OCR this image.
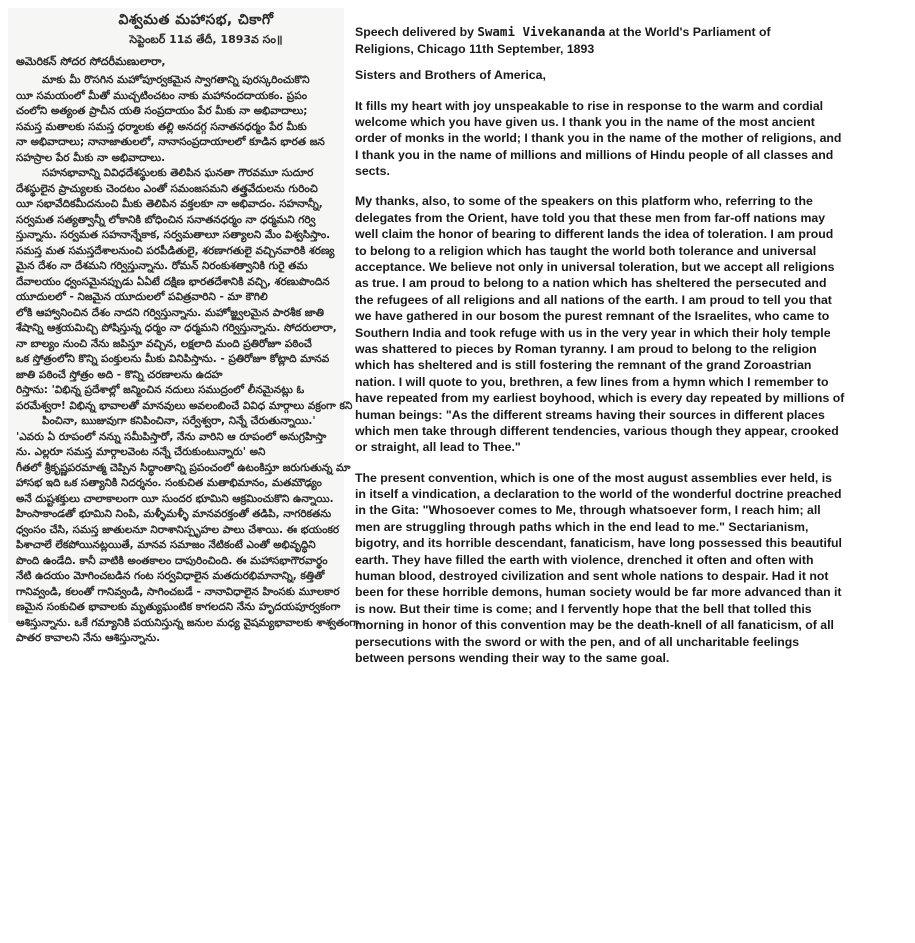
విశ్వమత మహాసభ, చికాగో
సెప్టెంబర్ 11వ తేదీ, 1893వ సం॥
అమెరికన్ సోదర సోదరీమణులారా,
మాకు మీ రొసగిన మహోపూర్వకమైన స్వాగతాన్ని పురస్కరించుకొని
యీ సమయంలో మీతో ముచ్చటించటం నాకు మహానందదాయకం. ప్రపం
చంలోని అత్యంత ప్రాచీన యతి సంప్రదాయం పేర మీకు నా అభివాదాలు;
సమస్త మతాలకు సమస్త ధర్మాలకు తల్లి అనదగ్గ సనాతనధర్మం పేర మీకు
నా అభివాదాలు; నానాజాతులలో, నానాసంప్రదాయాలలో కూడిన భారత జన
సహస్రాల పేర మీకు నా అభివాదాలు.
సహనభావాన్ని వివిధదేశస్థులకు తెలిపిన ఘనతా గౌరవమూ సుదూర
దేశస్థులైన ప్రాచ్యులకు చెందటం ఎంతో సమంజసమని తత్త్రవేదులను గురించి
యీ సభావేదికమీదనుంచి మీకు తెలిపిన వక్తలకూ నా అభివాదం. సహనాన్నీ,
సర్వమత సత్యత్వాన్నీ లోకానికి బోధించిన సనాతనధర్మం నా ధర్మమని గర్వి
స్తున్నాను. సర్వమత సహనాన్నేకాక, సర్వమతాలూ సత్యాలని మేం విశ్వసిస్తాం.
సమస్త మత సమస్తదేశాలనుంచి పరపీడితులై, శరణాగతులై వచ్చినవారికి శరణ్య
మైన దేశం నా దేశమని గర్విస్తున్నాను. రోమన్ నిరంకుశత్వానికి గురై తమ
దేవాలయం ధ్వంసమైనప్పుడు ఏఏటే దక్షిణ భారతదేశానికి వచ్చి, శరణుపొందిన
యూదులలో - నిజమైన యూదులలో పవిత్రవారిని - మా కౌగిలి
లోకి ఆహ్వానించిన దేశం నాదని గర్విస్తున్నాను. మహోజ్జ్వలమైన పారశీక జాతి
శేషాన్ని ఆశ్రయమిచ్చి పోషిస్తున్న ధర్మం నా ధర్మమని గర్విస్తున్నాను. సోదరులారా,
నా బాల్యం నుంచి నేను జపిస్తూ వచ్చిన, లక్షలాది మంది ప్రతిరోజూ పఠించే
ఒక స్తోత్రంలోని కొన్ని పంక్తులను మీకు వినిపిస్తాను. - ప్రతిరోజూ కోట్లాది మానవ
జాతి పఠించే స్తోత్రం అది - కొన్ని చరణాలను ఉదహ
రిస్తాను: 'విభిన్న ప్రదేశాల్లో జన్మించిన నదులు సముద్రంలో లీనమైనట్లు ఓ
పరమేశ్వరా! విభిన్న భావాలతో మానవులు అవలంబించే వివిధ మార్గాలు వక్రంగా కని
పించినా, ఋజువుగా కనిపించినా, సర్వేశ్వరా, నిన్నే చేరుతున్నాయి.'
'ఎవరు ఏ రూపంలో నన్ను సమీపిస్తారో, నేను వారిని ఆ రూపంలో అనుగ్రహిస్తా
ను. ఎల్లరూ సమస్త మార్గాలవెంట నన్నే చేరుకుంటున్నారు' అని
గీతలో శ్రీకృష్ణపరమాత్మ చెప్పిన సిద్ధాంతాన్ని ప్రపంచంలో ఉటంకిస్తూ జరుగుతున్న మా
హాసభ ఇది ఒక సత్యానికి నిదర్శనం. సంకుచిత మతాభిమానం, మతమౌఢ్యం
అనే దుష్టశక్తులు చాలాకాలంగా యీ సుందర భూమిని ఆక్రమించుకొని ఉన్నాయి.
హింసాకాండతో భూమిని నింపి, మళ్ళీమళ్ళీ మానవరక్తంతో తడిపి, నాగరికతను
ధ్వంసం చేసి, సమస్త జాతులనూ నిరాశానిస్పృహల పాలు చేశాయి. ఈ భయంకర
పిశాచాలే లేకపోయినట్లయితే, మానవ సమాజం నేటికంటే ఎంతో అభివృద్ధిని
పొంది ఉండేది. కానీ వాటికి అంతకాలం దాపురించింది. ఈ మహాసభాగౌరవార్థం
నేటి ఉదయం మోగించబడిన గంట సర్వవిధాలైన మతదురభిమానాన్ని, కత్తితో
గానివ్వండి, కలంతో గానివ్వండి, సాగించబడే - నానావిధాలైన హింసకు మూలకార
ణమైన సంకుచిత భావాలకు మృత్యుఘంటిక కాగలదని నేను హృదయపూర్వకంగా
ఆశిస్తున్నాను. ఒకే గమ్యానికి పయనిస్తున్న జనుల మధ్య వైషమ్యభావాలకు శాశ్వతంగా
పాతర కావాలని నేను ఆశిస్తున్నాను.
Speech delivered by Swami Vivekananda at the World's Parliament of
Religions, Chicago 11th September, 1893
Sisters and Brothers of America,
It fills my heart with joy unspeakable to rise in response to the warm and cordial
welcome which you have given us. I thank you in the name of the most ancient
order of monks in the world; I thank you in the name of the mother of religions, and
I thank you in the name of millions and millions of Hindu people of all classes and
sects.
My thanks, also, to some of the speakers on this platform who, referring to the
delegates from the Orient, have told you that these men from far-off nations may
well claim the honor of bearing to different lands the idea of toleration. I am proud
to belong to a religion which has taught the world both tolerance and universal
acceptance. We believe not only in universal toleration, but we accept all religions
as true. I am proud to belong to a nation which has sheltered the persecuted and
the refugees of all religions and all nations of the earth. I am proud to tell you that
we have gathered in our bosom the purest remnant of the Israelites, who came to
Southern India and took refuge with us in the very year in which their holy temple
was shattered to pieces by Roman tyranny. I am proud to belong to the religion
which has sheltered and is still fostering the remnant of the grand Zoroastrian
nation. I will quote to you, brethren, a few lines from a hymn which I remember to
have repeated from my earliest boyhood, which is every day repeated by millions of
human beings: "As the different streams having their sources in different places
which men take through different tendencies, various though they appear, crooked
or straight, all lead to Thee."
The present convention, which is one of the most august assemblies ever held, is
in itself a vindication, a declaration to the world of the wonderful doctrine preached
in the Gita: "Whosoever comes to Me, through whatsoever form, I reach him; all
men are struggling through paths which in the end lead to me." Sectarianism,
bigotry, and its horrible descendant, fanaticism, have long possessed this beautiful
earth. They have filled the earth with violence, drenched it often and often with
human blood, destroyed civilization and sent whole nations to despair. Had it not
been for these horrible demons, human society would be far more advanced than it
is now. But their time is come; and I fervently hope that the bell that tolled this
morning in honor of this convention may be the death-knell of all fanaticism, of all
persecutions with the sword or with the pen, and of all uncharitable feelings
between persons wending their way to the same goal.
